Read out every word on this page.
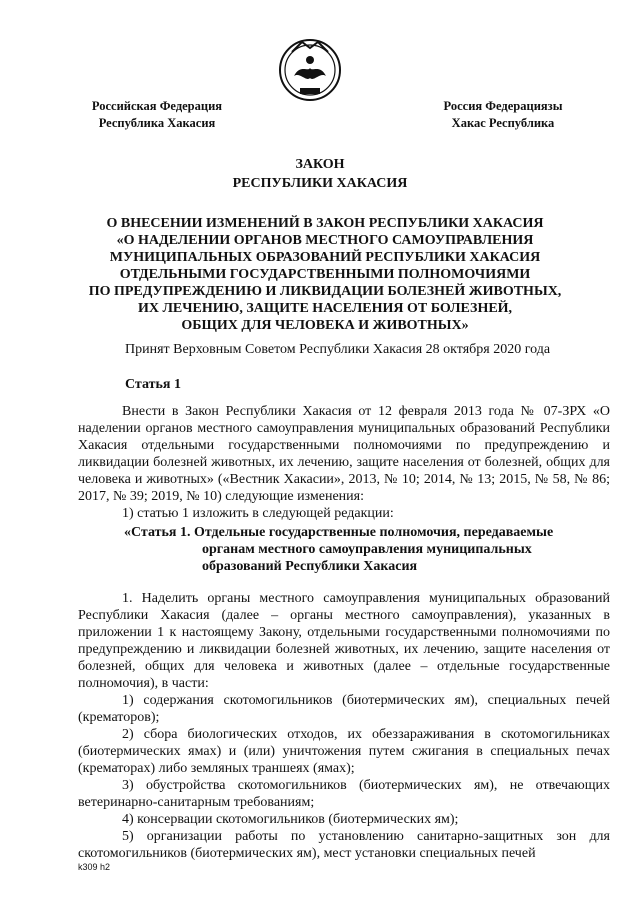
Российская Федерация
Республика Хакасия
Россия Федерациязы
Хакас Республика
ЗАКОН
РЕСПУБЛИКИ ХАКАСИЯ
О ВНЕСЕНИИ ИЗМЕНЕНИЙ В ЗАКОН РЕСПУБЛИКИ ХАКАСИЯ
«О НАДЕЛЕНИИ ОРГАНОВ МЕСТНОГО САМОУПРАВЛЕНИЯ
МУНИЦИПАЛЬНЫХ ОБРАЗОВАНИЙ РЕСПУБЛИКИ ХАКАСИЯ
ОТДЕЛЬНЫМИ ГОСУДАРСТВЕННЫМИ ПОЛНОМОЧИЯМИ
ПО ПРЕДУПРЕЖДЕНИЮ И ЛИКВИДАЦИИ БОЛЕЗНЕЙ ЖИВОТНЫХ,
ИХ ЛЕЧЕНИЮ, ЗАЩИТЕ НАСЕЛЕНИЯ ОТ БОЛЕЗНЕЙ,
ОБЩИХ ДЛЯ ЧЕЛОВЕКА И ЖИВОТНЫХ»
Принят Верховным Советом Республики Хакасия 28 октября 2020 года
Статья 1

Внести в Закон Республики Хакасия от 12 февраля 2013 года № 07-ЗРХ «О наделении органов местного самоуправления муниципальных образований Республики Хакасия отдельными государственными полномочиями по предупреждению и ликвидации болезней животных, их лечению, защите населения от болезней, общих для человека и животных» («Вестник Хакасии», 2013, № 10; 2014, № 13; 2015, № 58, № 86; 2017, № 39; 2019, № 10) следующие изменения:

1) статью 1 изложить в следующей редакции:

«Статья 1. Отдельные государственные полномочия, передаваемые
органам местного самоуправления муниципальных
образований Республики Хакасия

1. Наделить органы местного самоуправления муниципальных образований Республики Хакасия (далее – органы местного самоуправления), указанных в приложении 1 к настоящему Закону, отдельными государственными полномочиями по предупреждению и ликвидации болезней животных, их лечению, защите населения от болезней, общих для человека и животных (далее – отдельные государственные полномочия), в части:

1) содержания скотомогильников (биотермических ям), специальных печей (крематоров);

2) сбора биологических отходов, их обеззараживания в скотомогильниках (биотермических ямах) и (или) уничтожения путем сжигания в специальных печах (крематорах) либо земляных траншеях (ямах);

3) обустройства скотомогильников (биотермических ям), не отвечающих ветеринарно-санитарным требованиям;

4) консервации скотомогильников (биотермических ям);

5) организации работы по установлению санитарно-защитных зон для скотомогильников (биотермических ям), мест установки специальных печей

k309 h2
